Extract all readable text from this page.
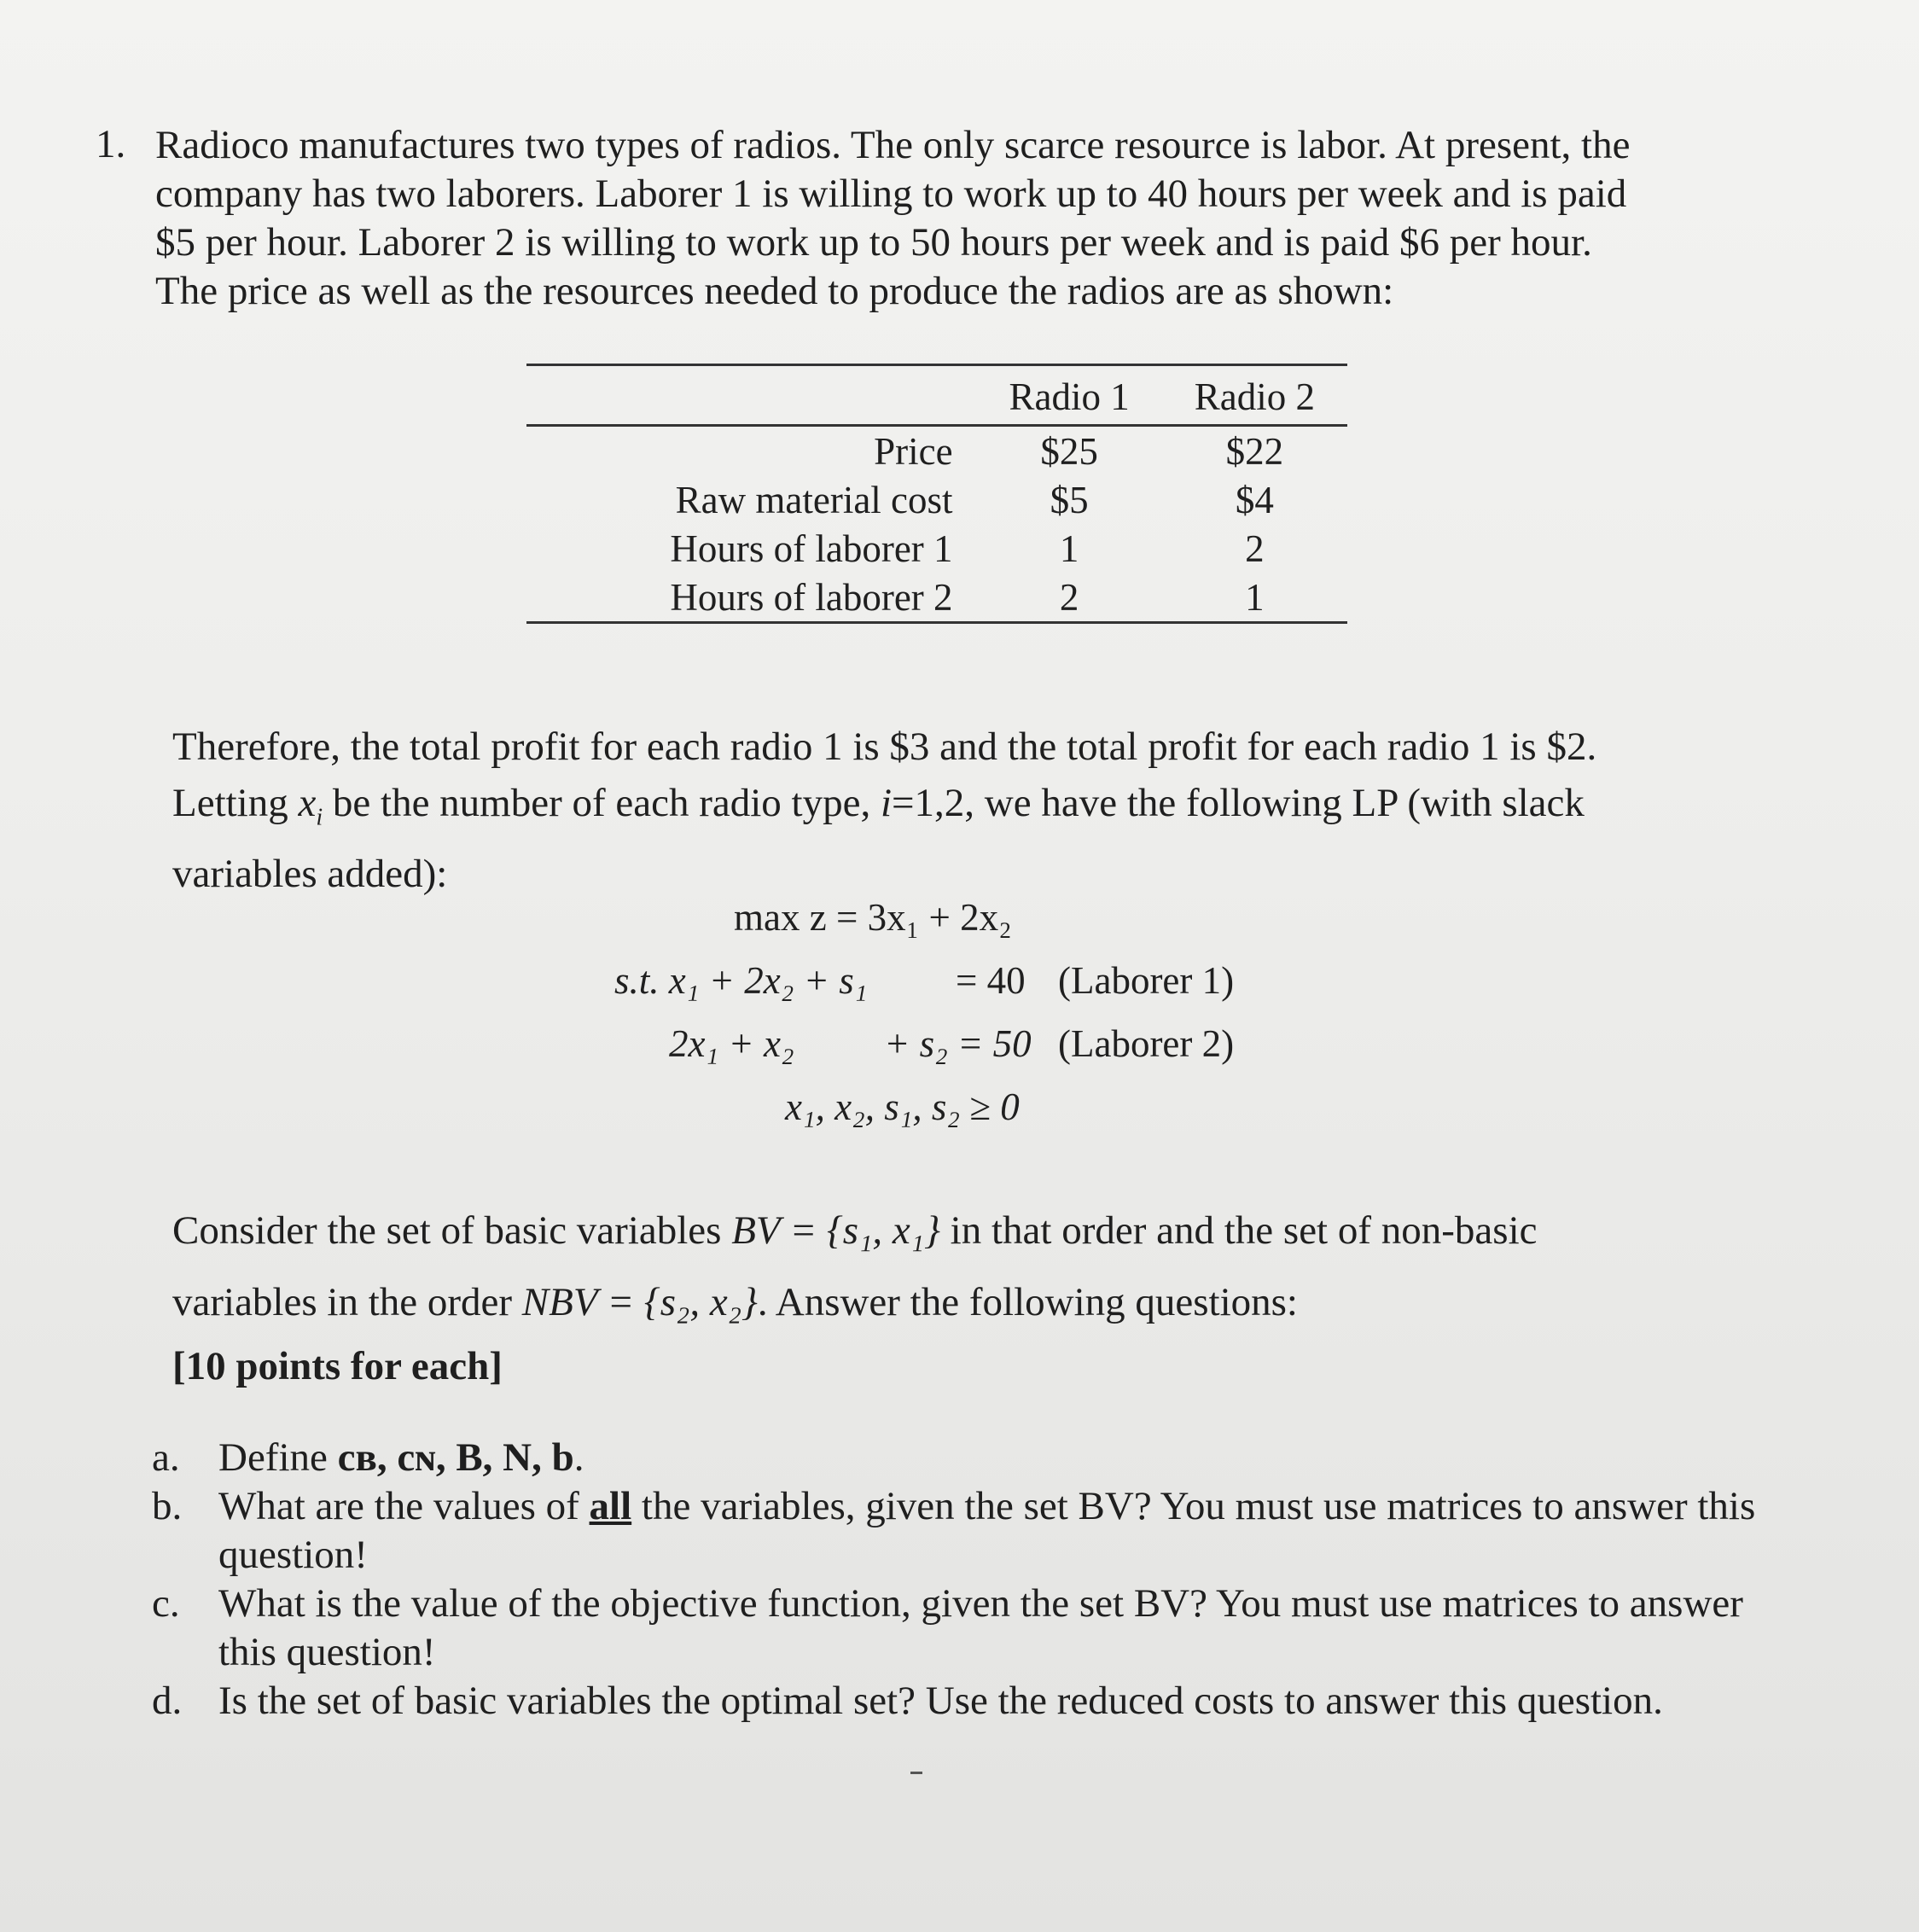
1. Radioco manufactures two types of radios. The only scarce resource is labor. At present, the

company has two laborers. Laborer 1 is willing to work up to 40 hours per week and is paid

$5 per hour. Laborer 2 is willing to work up to 50 hours per week and is paid $6 per hour.

The price as well as the resources needed to produce the radios are as shown:

	Radio 1	Radio 2
Price	$25	$22
Raw material cost	$5	$4
Hours of laborer 1	1	2
Hours of laborer 2	2	1

Therefore, the total profit for each radio 1 is $3 and the total profit for each radio 1 is $2.

Letting $x_i$ be the number of each radio type, i=1,2, we have the following LP (with slack

variables added):

max z = 3x₁ + 2x₂
s.t. x₁ + 2x₂ + s₁ = 40 (Laborer 1)
2x₁ + x₂ + s₂ = 50 (Laborer 2)
x₁, x₂, s₁, s₂ ≥ 0

Consider the set of basic variables BV = {s₁, x₁} in that order and the set of non-basic

variables in the order NBV = {s₂, x₂}. Answer the following questions:

[10 points for each]

a. Define cʙ, cɴ, B, N, b.
b. What are the values of all the variables, given the set BV? You must use matrices to answer this question!
c. What is the value of the objective function, given the set BV? You must use matrices to answer this question!
d. Is the set of basic variables the optimal set? Use the reduced costs to answer this question.
